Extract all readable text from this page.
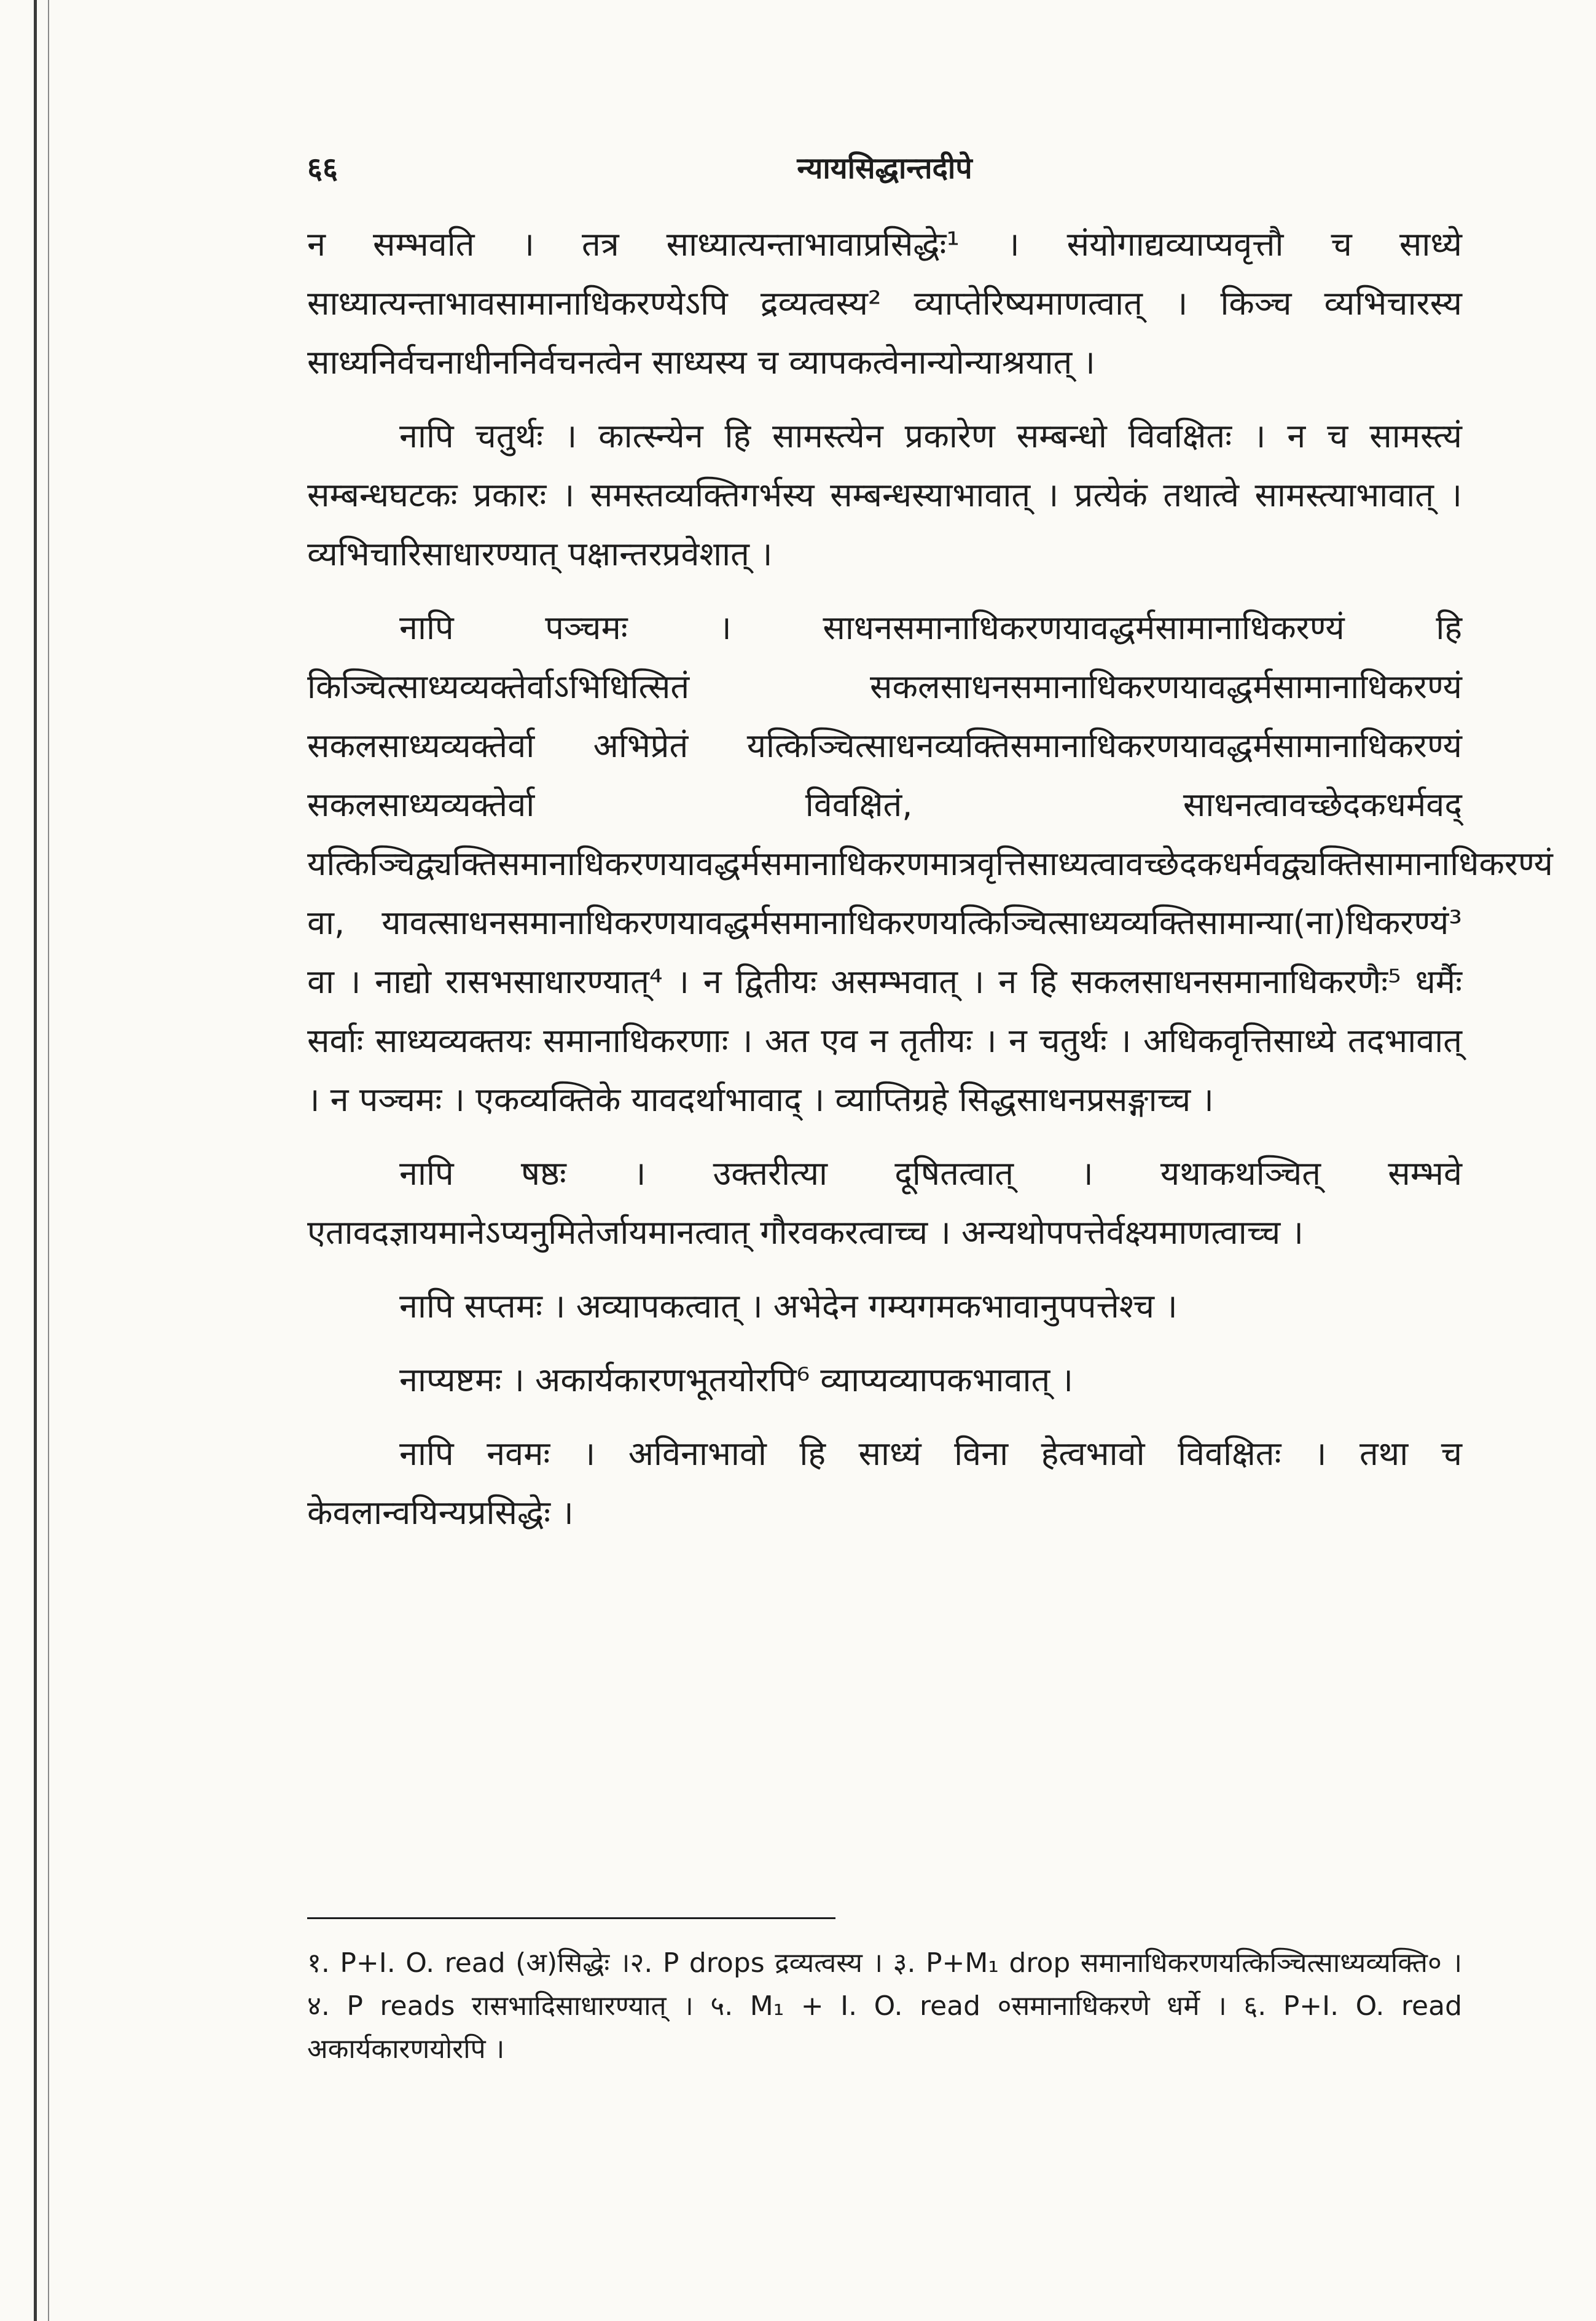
६६	न्यायसिद्धान्तदीपे

न सम्भवति । तत्र साध्यात्यन्ताभावाप्रसिद्धेः¹ । संयोगाद्यव्याप्यवृत्तौ च साध्ये साध्यात्यन्ताभावसामानाधिकरण्येऽपि द्रव्यत्वस्य² व्याप्तेरिष्यमाणत्वात् । किञ्च व्यभिचारस्य साध्यनिर्वचनाधीननिर्वचनत्वेन साध्यस्य च व्यापकत्वेनान्योन्याश्रयात् ।

नापि चतुर्थः । कात्स्न्येन हि सामस्त्येन प्रकारेण सम्बन्धो विवक्षितः । न च सामस्त्यं सम्बन्धघटकः प्रकारः । समस्तव्यक्तिगर्भस्य सम्बन्धस्याभावात् । प्रत्येकं तथात्वे सामस्त्याभावात् । व्यभिचारिसाधारण्यात् पक्षान्तरप्रवेशात् ।

नापि पञ्चमः । साधनसमानाधिकरणयावद्धर्मसामानाधिकरण्यं हि किञ्चित्साध्यव्यक्तेर्वाऽभिधित्सितं सकलसाधनसमानाधिकरणयावद्धर्मसामानाधिकरण्यं सकलसाध्यव्यक्तेर्वा अभिप्रेतं यत्किञ्चित्साधनव्यक्तिसमानाधिकरणयावद्धर्मसामानाधिकरण्यं सकलसाध्यव्यक्तेर्वा विवक्षितं, साधनत्वावच्छेदकधर्मवद् यत्किञ्चिद्व्यक्तिसमानाधिकरणयावद्धर्मसमानाधिकरणमात्रवृत्तिसाध्यत्वावच्छेदकधर्मवद्व्यक्तिसामानाधिकरण्यं वा, यावत्साधनसमानाधिकरणयावद्धर्मसमानाधिकरणयत्किञ्चित्साध्यव्यक्तिसामान्या(ना)धिकरण्यं³ वा । नाद्यो रासभसाधारण्यात्⁴ । न द्वितीयः असम्भवात् । न हि सकलसाधनसमानाधिकरणैः⁵ धर्मैः सर्वाः साध्यव्यक्तयः समानाधिकरणाः । अत एव न तृतीयः । न चतुर्थः । अधिकवृत्तिसाध्ये तदभावात् । न पञ्चमः । एकव्यक्तिके यावदर्थाभावाद् । व्याप्तिग्रहे सिद्धसाधनप्रसङ्गाच्च ।

नापि षष्ठः । उक्तरीत्या दूषितत्वात् । यथाकथञ्चित् सम्भवे एतावदज्ञायमानेऽप्यनुमितेर्जायमानत्वात् गौरवकरत्वाच्च । अन्यथोपपत्तेर्वक्ष्यमाणत्वाच्च ।

नापि सप्तमः । अव्यापकत्वात् । अभेदेन गम्यगमकभावानुपपत्तेश्च ।

नाप्यष्टमः । अकार्यकारणभूतयोरपि⁶ व्याप्यव्यापकभावात् ।

नापि नवमः । अविनाभावो हि साध्यं विना हेत्वभावो विवक्षितः । तथा च केवलान्वयिन्यप्रसिद्धेः ।

१. P+I. O. read (अ)सिद्धेः ।२. P drops द्रव्यत्वस्य । ३. P+M₁ drop समानाधिकरणयत्किञ्चित्साध्यव्यक्ति० । ४. P reads रासभादिसाधारण्यात् । ५. M₁ + I. O. read ०समानाधिकरणे धर्मे । ६. P+I. O. read अकार्यकारणयोरपि ।
